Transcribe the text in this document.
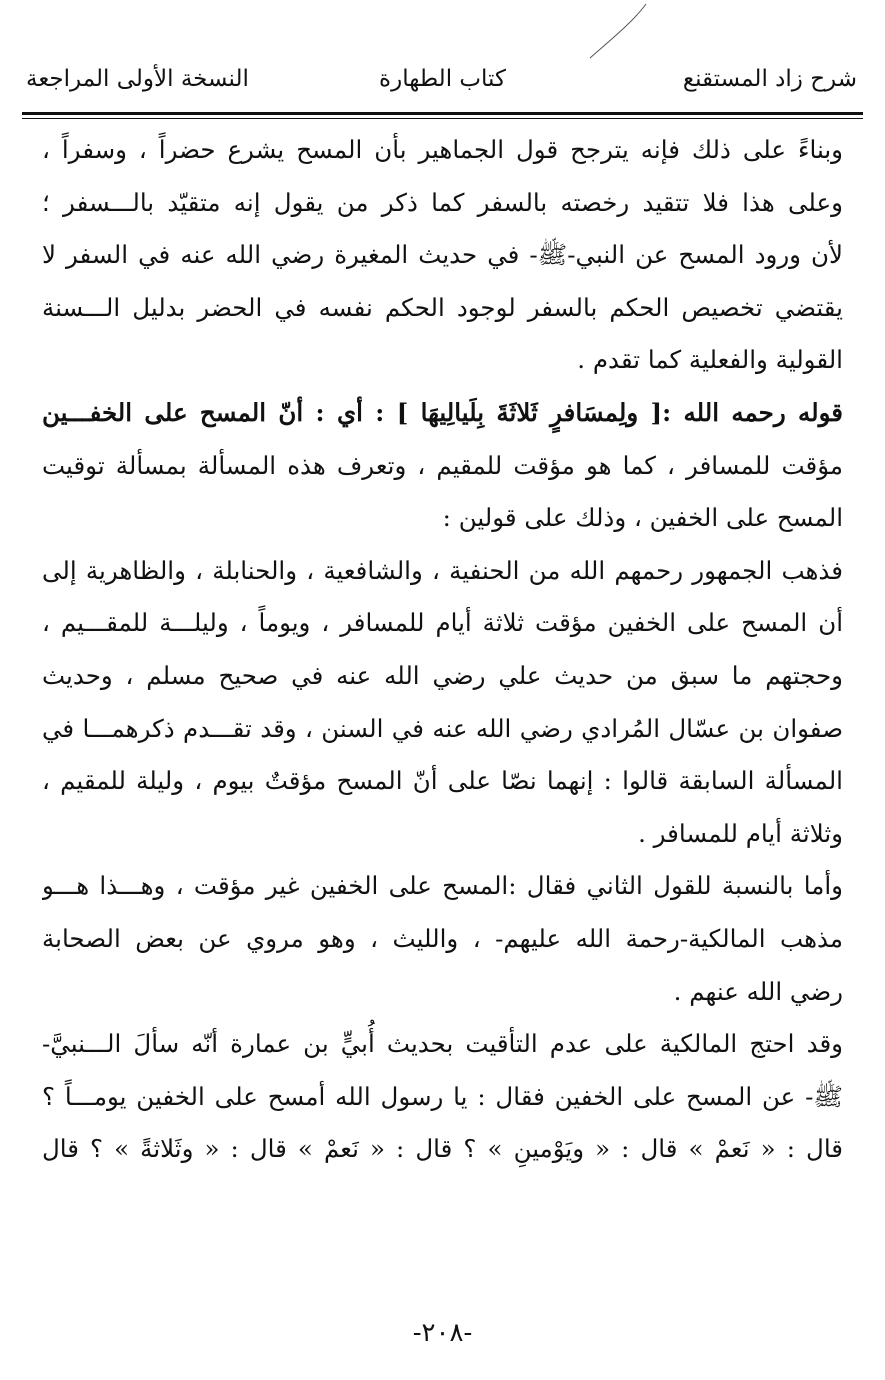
شرح زاد المستقنع
كتاب الطهارة
النسخة الأولى المراجعة
وبناءً على ذلك فإنه يترجح قول الجماهير بأن المسح يشرع حضراً ، وسفراً ،
وعلى هذا فلا تتقيد رخصته بالسفر كما ذكر من يقول إنه متقيّد بالـــسفر ؛
لأن ورود المسح عن النبي-ﷺ- في حديث المغيرة رضي الله عنه في السفر لا
يقتضي تخصيص الحكم بالسفر لوجود الحكم نفسه في الحضر بدليل الـــسنة
القولية والفعلية كما تقدم .
قوله رحمه الله :[ ولِمسَافرٍ ثَلاثَةَ بِلَيالِيهَا ] : أي : أنّ المسح على الخفـــين
مؤقت للمسافر ، كما هو مؤقت للمقيم ، وتعرف هذه المسألة بمسألة توقيت
المسح على الخفين ، وذلك على قولين :
فذهب الجمهور رحمهم الله من الحنفية ، والشافعية ، والحنابلة ، والظاهرية إلى
أن المسح على الخفين مؤقت ثلاثة أيام للمسافر ، ويوماً ، وليلـــة للمقـــيم ،
وحجتهم ما سبق من حديث علي رضي الله عنه في صحيح مسلم ، وحديث
صفوان بن عسّال المُرادي رضي الله عنه في السنن ، وقد تقـــدم ذكرهمـــا في
المسألة السابقة قالوا : إنهما نصّا على أنّ المسح مؤقتٌ بيوم ، وليلة للمقيم ،
وثلاثة أيام للمسافر .
وأما بالنسبة للقول الثاني فقال :المسح على الخفين غير مؤقت ، وهـــذا هـــو
مذهب المالكية-رحمة الله عليهم- ، والليث ، وهو مروي عن بعض الصحابة
رضي الله عنهم .
وقد احتج المالكية على عدم التأقيت بحديث أُبيٍّ بن عمارة أنّه سألَ الـــنبيَّ-
ﷺ- عن المسح على الخفين فقال : يا رسول الله أمسح على الخفين يومـــاً ؟
قال : « نَعمْ » قال : « ويَوْمينِ » ؟ قال : « نَعمْ » قال : « وثَلاثةً » ؟ قال
-٢٠٨-
